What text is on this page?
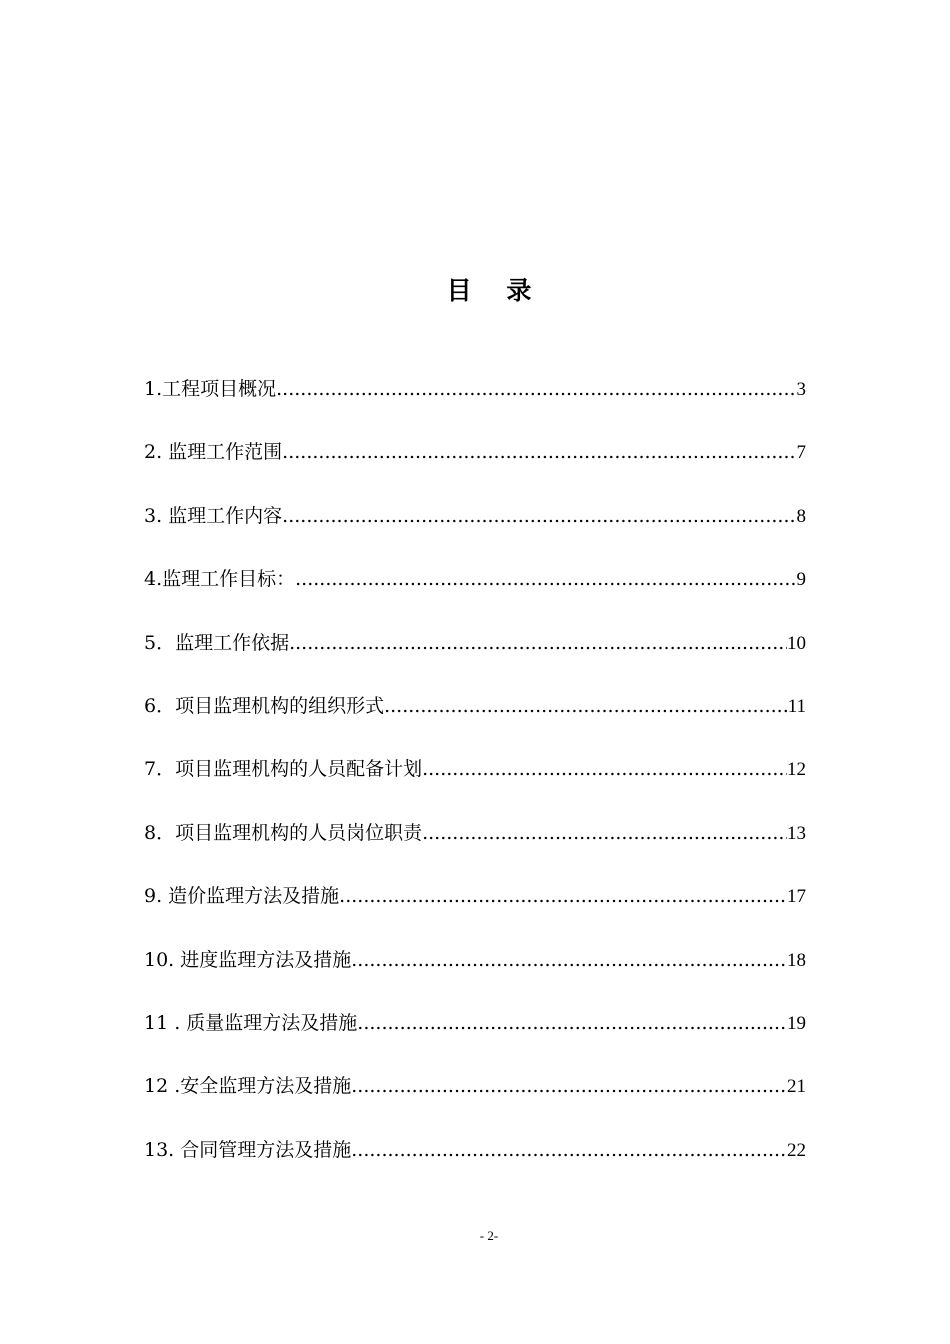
目    录
1.工程项目概况 .....	3
2. 监理工作范围 .....	7
3. 监理工作内容 .....	8
4.监理工作目标： .....	9
5．监理工作依据 .....	10
6．项目监理机构的组织形式 .....	11
7．项目监理机构的人员配备计划 .....	12
8．项目监理机构的人员岗位职责 .....	13
9. 造价监理方法及措施 .....	17
10. 进度监理方法及措施 .....	18
11 . 质量监理方法及措施 .....	19
12 .安全监理方法及措施 .....	21
13. 合同管理方法及措施 .....	22
- 2-
